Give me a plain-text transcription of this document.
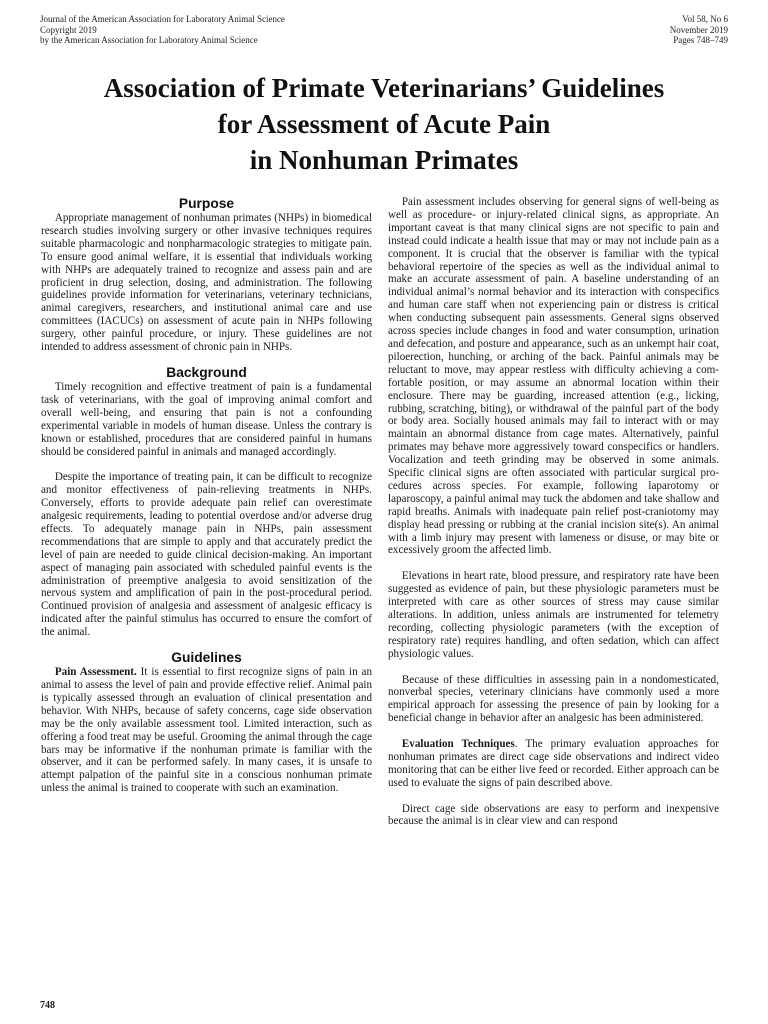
Journal of the American Association for Laboratory Animal Science
Copyright 2019
by the American Association for Laboratory Animal Science
Vol 58, No 6
November 2019
Pages 748–749
Association of Primate Veterinarians’ Guidelines
for Assessment of Acute Pain
in Nonhuman Primates
Purpose

Appropriate management of nonhuman primates (NHPs) in biomedical research studies involving surgery or other invasive techniques requires suitable pharmacologic and nonpharmacologic strategies to mitigate pain. To ensure good animal welfare, it is essential that individuals working with NHPs are adequately trained to recognize and assess pain and are proficient in drug selection, dosing, and administration. The following guidelines provide information for veterinarians, veterinary technicians, animal caregivers, researchers, and institutional animal care and use committees (IACUCs) on assessment of acute pain in NHPs following surgery, other painful procedure, or injury. These guidelines are not intended to address assessment of chronic pain in NHPs.

Background

Timely recognition and effective treatment of pain is a fundamental task of veterinarians, with the goal of improving animal comfort and overall well-being, and ensuring that pain is not a confounding experimental variable in models of human disease. Unless the contrary is known or established, procedures that are considered painful in humans should be considered painful in animals and managed accordingly.

Despite the importance of treating pain, it can be difficult to recognize and monitor effectiveness of pain-relieving treatments in NHPs. Conversely, efforts to provide adequate pain relief can overestimate analgesic requirements, leading to potential overdose and/or adverse drug effects. To adequately manage pain in NHPs, pain assessment recommendations that are simple to apply and that accurately predict the level of pain are needed to guide clinical decision-making. An important aspect of managing pain associated with scheduled painful events is the administration of preemptive analgesia to avoid sensitization of the nervous system and amplification of pain in the post-procedural period. Continued provision of analgesia and assessment of analgesic efficacy is indicated after the painful stimulus has occurred to ensure the comfort of the animal.

Guidelines

Pain Assessment. It is essential to first recognize signs of pain in an animal to assess the level of pain and provide effective relief. Animal pain is typically assessed through an evaluation of clinical presentation and behavior. With NHPs, because of safety concerns, cage side observation may be the only available assessment tool. Limited interaction, such as offering a food treat may be useful. Grooming the animal through the cage bars may be informative if the nonhuman primate is familiar with the observer, and it can be performed safely. In many cases, it is unsafe to attempt palpation of the painful site in a conscious nonhuman primate unless the animal is trained to cooperate with such an examination.

Pain assessment includes observing for general signs of well-being as well as procedure- or injury-related clinical signs, as appropriate. An important caveat is that many clinical signs are not specific to pain and instead could indicate a health issue that may or may not include pain as a component. It is crucial that the observer is familiar with the typical behavioral repertoire of the species as well as the individual animal to make an accurate assessment of pain. A baseline understanding of an individual animal’s normal behavior and its interaction with conspecifics and human care staff when not experiencing pain or distress is critical when conducting subsequent pain assessments. General signs observed across species include changes in food and water consumption, urination and defecation, and posture and appearance, such as an unkempt hair coat, piloerection, hunching, or arching of the back. Painful animals may be reluctant to move, may appear restless with difficulty achieving a comfortable position, or may assume an abnormal location within their enclosure. There may be guarding, increased attention (e.g., licking, rubbing, scratching, biting), or withdrawal of the painful part of the body or body area. Socially housed animals may fail to interact with or may maintain an abnormal distance from cage mates. Alternatively, painful primates may behave more aggressively toward conspecifics or handlers. Vocalization and teeth grinding may be observed in some animals. Specific clinical signs are often associated with particular surgical procedures across species. For example, following laparotomy or laparoscopy, a painful animal may tuck the abdomen and take shallow and rapid breaths. Animals with inadequate pain relief post-craniotomy may display head pressing or rubbing at the cranial incision site(s). An animal with a limb injury may present with lameness or disuse, or may bite or excessively groom the affected limb.

Elevations in heart rate, blood pressure, and respiratory rate have been suggested as evidence of pain, but these physiologic parameters must be interpreted with care as other sources of stress may cause similar alterations. In addition, unless animals are instrumented for telemetry recording, collecting physiologic parameters (with the exception of respiratory rate) requires handling, and often sedation, which can affect physiologic values.

Because of these difficulties in assessing pain in a nondomesticated, nonverbal species, veterinary clinicians have commonly used a more empirical approach for assessing the presence of pain by looking for a beneficial change in behavior after an analgesic has been administered.

Evaluation Techniques. The primary evaluation approaches for nonhuman primates are direct cage side observations and indirect video monitoring that can be either live feed or recorded. Either approach can be used to evaluate the signs of pain described above.

Direct cage side observations are easy to perform and inexpensive because the animal is in clear view and can respond

748
